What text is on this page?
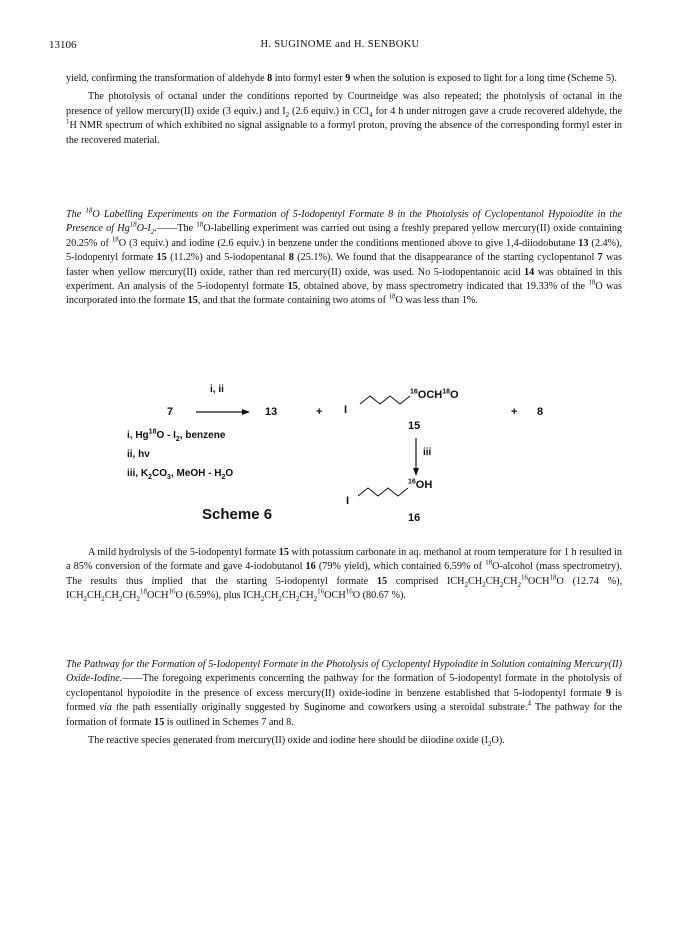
13106	H. SUGINOME and H. SENBOKU

yield, confirming the transformation of aldehyde 8 into formyl ester 9 when the solution is exposed to light for a long time (Scheme 5).

The photolysis of octanal under the conditions reported by Courtneidge was also repeated; the photolysis of octanal in the presence of yellow mercury(II) oxide (3 equiv.) and $I_2$ (2.6 equiv.) in CCl$_4$ for 4 h under nitrogen gave a crude recovered aldehyde, the $^1$H NMR spectrum of which exhibited no signal assignable to a formyl proton, proving the absence of the corresponding formyl ester in the recovered material.

The $^{18}$O Labelling Experiments on the Formation of 5-Iodopentyl Formate 8 in the Photolysis of Cyclopentanol Hypoiodite in the Presence of $Hg^{18}O-I_2.——The$ $^{18}$O-labelling experiment was carried out using a freshly prepared yellow mercury(II) oxide containing 20.25% of $^{18}$O (3 equiv.) and iodine (2.6 equiv.) in benzene under the conditions mentioned above to give 1,4-diiodobutane 13 (2.4%), 5-iodopentyl formate 15 (11.2%) and 5-iodopentanal 8 (25.1%). We found that the disappearance of the starting cyclopentanol 7 was faster when yellow mercury(II) oxide, rather than red mercury(II) oxide, was used. No 5-iodopentanoic acid 14 was obtained in this experiment. An analysis of the 5-iodopentyl formate 15, obtained above, by mass spectrometry indicated that 19.33% of the $^{18}$O was incorporated into the formate 15, and that the formate containing two atoms of $^{18}$O was less than 1%.

7
i, ii
13	+ I
$^{16}OCH^{18}O$
+ 8
15
iii
I
$^{16}$OH
16
i, $Hg^{18}O - I_2$, benzene
ii, hν
iii, $K_2CO_3$, MeOH - $H_2O$
Scheme 6

A mild hydrolysis of the 5-iodopentyl formate 15 with potassium carbonate in aq. methanol at room temperature for 1 h resulted in a 85% conversion of the formate and gave 4-iodobutanol 16 (79% yield), which contained 6.59% of $^{18}$O-alcohol (mass spectrometry). The results thus implied that the starting 5-iodopentyl formate 15 comprised $ICH_2CH_2CH_2CH_2^{16}OCH^{18}O$ (12.74 %), $ICH_2CH_2CH_2CH_2^{18}OCH^{16}O$ (6.59%), plus $ICH_2CH_2CH_2CH_2^{16}OCH^{16}O$ (80.67 %).

The Pathway for the Formation of 5-Iodopentyl Formate in the Photolysis of Cyclopentyl Hypoiodite in Solution containing Mercury(II) Oxide-Iodine.——The foregoing experiments concerning the pathway for the formation of 5-iodopentyl formate in the photolysis of cyclopentanol hypoiodite in the presence of excess mercury(II) oxide-iodine in benzene established that 5-iodopentyl formate 9 is formed via the path essentially originally suggested by Suginome and coworkers using a steroidal substrate.$^4$ The pathway for the formation of formate 15 is outlined in Schemes 7 and 8.

The reactive species generated from mercury(II) oxide and iodine here should be diiodine oxide $(I_2O)$.
